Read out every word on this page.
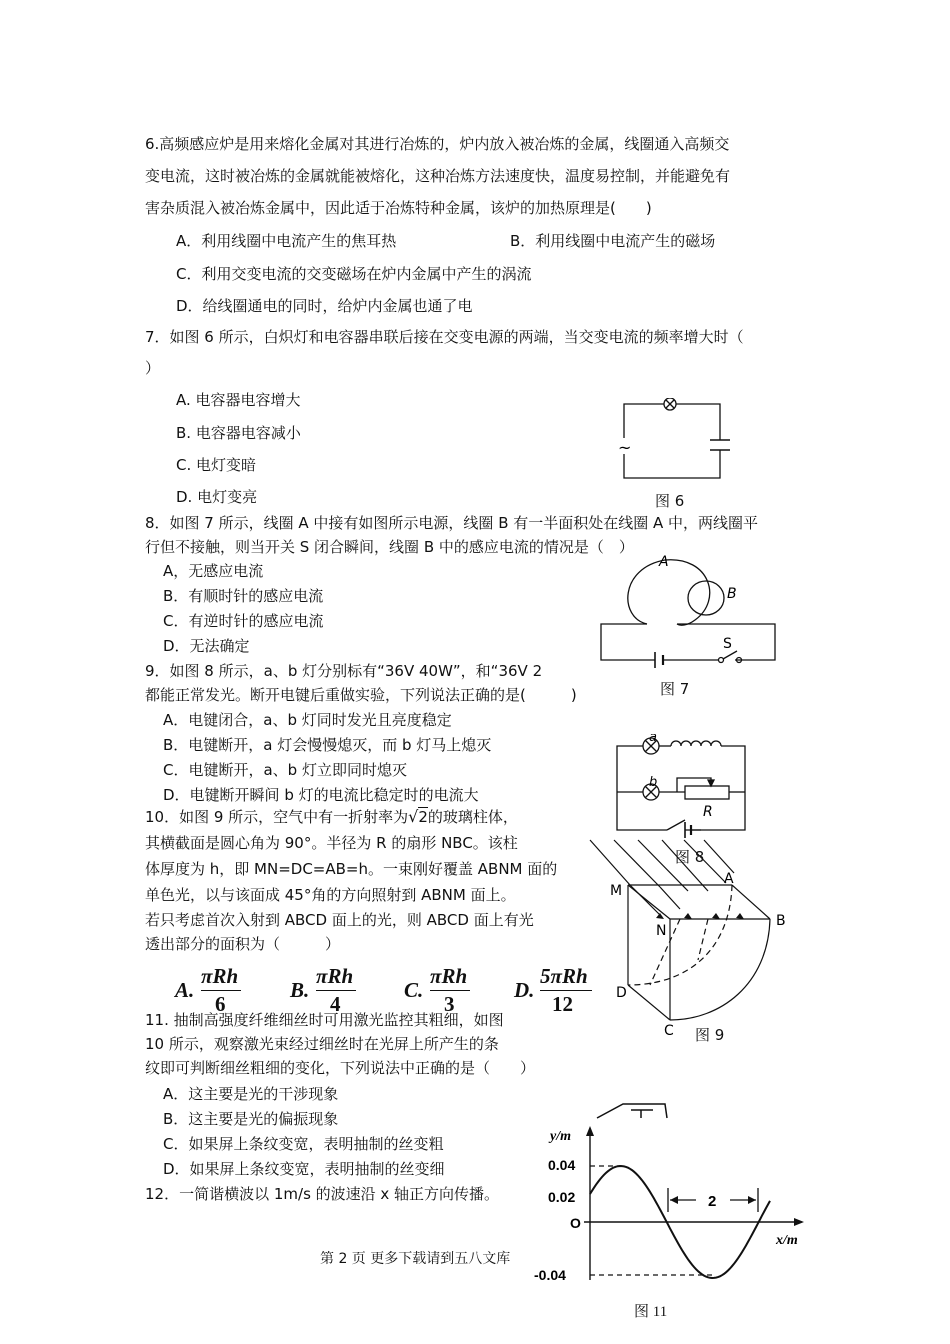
6.高频感应炉是用来熔化金属对其进行冶炼的，炉内放入被冶炼的金属，线圈通入高频交
变电流，这时被冶炼的金属就能被熔化，这种冶炼方法速度快，温度易控制，并能避免有
害杂质混入被冶炼金属中，因此适于冶炼特种金属，该炉的加热原理是(　　)
A．利用线圈中电流产生的焦耳热	B．利用线圈中电流产生的磁场
C．利用交变电流的交变磁场在炉内金属中产生的涡流
D．给线圈通电的同时，给炉内金属也通了电
7．如图 6 所示，白炽灯和电容器串联后接在交变电源的两端，当交变电流的频率增大时（
）
A. 电容器电容增大
B. 电容器电容减小
C. 电灯变暗
D. 电灯变亮
~
图 6
8．如图 7 所示，线圈 A 中接有如图所示电源，线圈 B 有一半面积处在线圈 A 中，两线圈平
行但不接触，则当开关 S 闭合瞬间，线圈 B 中的感应电流的情况是（　）
A，无感应电流
B．有顺时针的感应电流
C．有逆时针的感应电流
D．无法确定
A
B
S
图 7
9．如图 8 所示，a、b 灯分别标有“36V 40W”，和“36V 2
都能正常发光。断开电键后重做实验，下列说法正确的是(　　　)
A．电键闭合，a、b 灯同时发光且亮度稳定
B．电键断开，a 灯会慢慢熄灭，而 b 灯马上熄灭
C．电键断开，a、b 灯立即同时熄灭
D．电键断开瞬间 b 灯的电流比稳定时的电流大
a
b
R
图 8
10．如图 9 所示，空气中有一折射率为√2的玻璃柱体，
其横截面是圆心角为 90°。半径为 R 的扇形 NBC。该柱
体厚度为 h，即 MN=DC=AB=h。一束刚好覆盖 ABNM 面的
单色光，以与该面成 45°角的方向照射到 ABNM 面上。
若只考虑首次入射到 ABCD 面上的光，则 ABCD 面上有光
透出部分的面积为（　　　）
A.
πRh
6
B.
πRh
4
C.
πRh
3
D.
5πRh
12
M
N
A
B
D
C 图 9
11. 抽制高强度纤维细丝时可用激光监控其粗细，如图
10 所示，观察激光束经过细丝时在光屏上所产生的条
纹即可判断细丝粗细的变化，下列说法中正确的是（　　）
A．这主要是光的干涉现象
B．这主要是光的偏振现象
C．如果屏上条纹变宽，表明抽制的丝变粗
D．如果屏上条纹变宽，表明抽制的丝变细
12．一简谐横波以 1m/s 的波速沿 x 轴正方向传播。
y/m
x/m
0.04
0.02
O
-0.04
2
图 11
第 2 页 更多下载请到五八文库
